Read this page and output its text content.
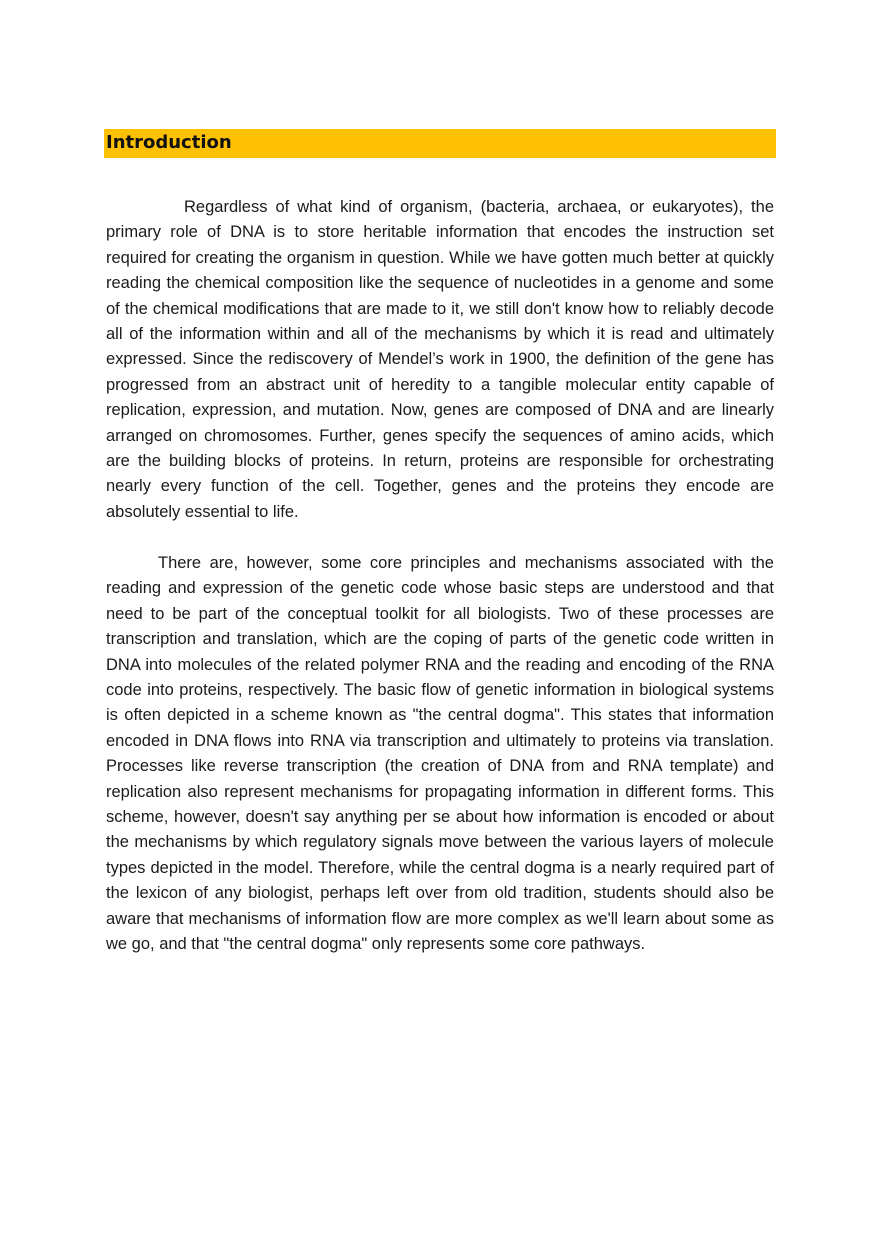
Introduction

Regardless of what kind of organism, (bacteria, archaea, or eukaryotes), the primary role of DNA is to store heritable information that encodes the instruction set required for creating the organism in question. While we have gotten much better at quickly reading the chemical composition like the sequence of nucleotides in a genome and some of the chemical modifications that are made to it, we still don't know how to reliably decode all of the information within and all of the mechanisms by which it is read and ultimately expressed. Since the rediscovery of Mendel’s work in 1900, the definition of the gene has progressed from an abstract unit of heredity to a tangible molecular entity capable of replication, expression, and mutation. Now, genes are composed of DNA and are linearly arranged on chromosomes. Further, genes specify the sequences of amino acids, which are the building blocks of proteins. In return, proteins are responsible for orchestrating nearly every function of the cell. Together, genes and the proteins they encode are absolutely essential to life.

There are, however, some core principles and mechanisms associated with the reading and expression of the genetic code whose basic steps are understood and that need to be part of the conceptual toolkit for all biologists. Two of these processes are transcription and translation, which are the coping of parts of the genetic code written in DNA into molecules of the related polymer RNA and the reading and encoding of the RNA code into proteins, respectively. The basic flow of genetic information in biological systems is often depicted in a scheme known as "the central dogma". This states that information encoded in DNA flows into RNA via transcription and ultimately to proteins via translation. Processes like reverse transcription (the creation of DNA from and RNA template) and replication also represent mechanisms for propagating information in different forms. This scheme, however, doesn't say anything per se about how information is encoded or about the mechanisms by which regulatory signals move between the various layers of molecule types depicted in the model. Therefore, while the central dogma is a nearly required part of the lexicon of any biologist, perhaps left over from old tradition, students should also be aware that mechanisms of information flow are more complex as we'll learn about some as we go, and that "the central dogma" only represents some core pathways.
